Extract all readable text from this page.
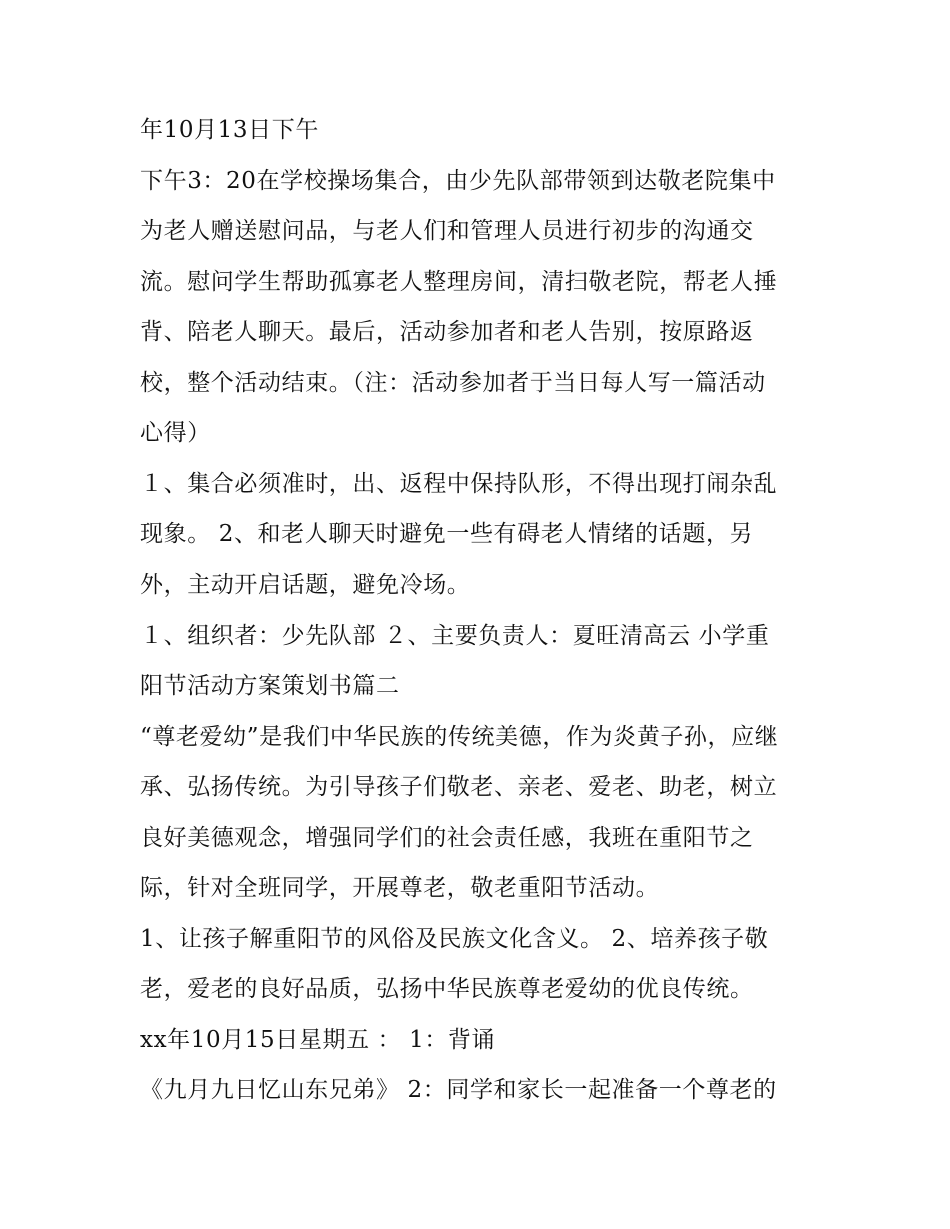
年10月13日下午
下午3：20在学校操场集合，由少先队部带领到达敬老院集中
为老人赠送慰问品，与老人们和管理人员进行初步的沟通交
流。慰问学生帮助孤寡老人整理房间，清扫敬老院，帮老人捶
背、陪老人聊天。最后，活动参加者和老人告别，按原路返
校，整个活动结束。（注：活动参加者于当日每人写一篇活动
心得）
１、集合必须准时，出、返程中保持队形，不得出现打闹杂乱
现象。 2、和老人聊天时避免一些有碍老人情绪的话题，另
外，主动开启话题，避免冷场。
１、组织者：少先队部 ２、主要负责人：夏旺清高云 小学重
阳节活动方案策划书篇二
“尊老爱幼”是我们中华民族的传统美德，作为炎黄子孙，应继
承、弘扬传统。为引导孩子们敬老、亲老、爱老、助老，树立
良好美德观念，增强同学们的社会责任感，我班在重阳节之
际，针对全班同学，开展尊老，敬老重阳节活动。
1、让孩子解重阳节的风俗及民族文化含义。 2、培养孩子敬
老，爱老的良好品质，弘扬中华民族尊老爱幼的优良传统。
xx年10月15日星期五 ： 1：背诵
《九月九日忆山东兄弟》 2：同学和家长一起准备一个尊老的
